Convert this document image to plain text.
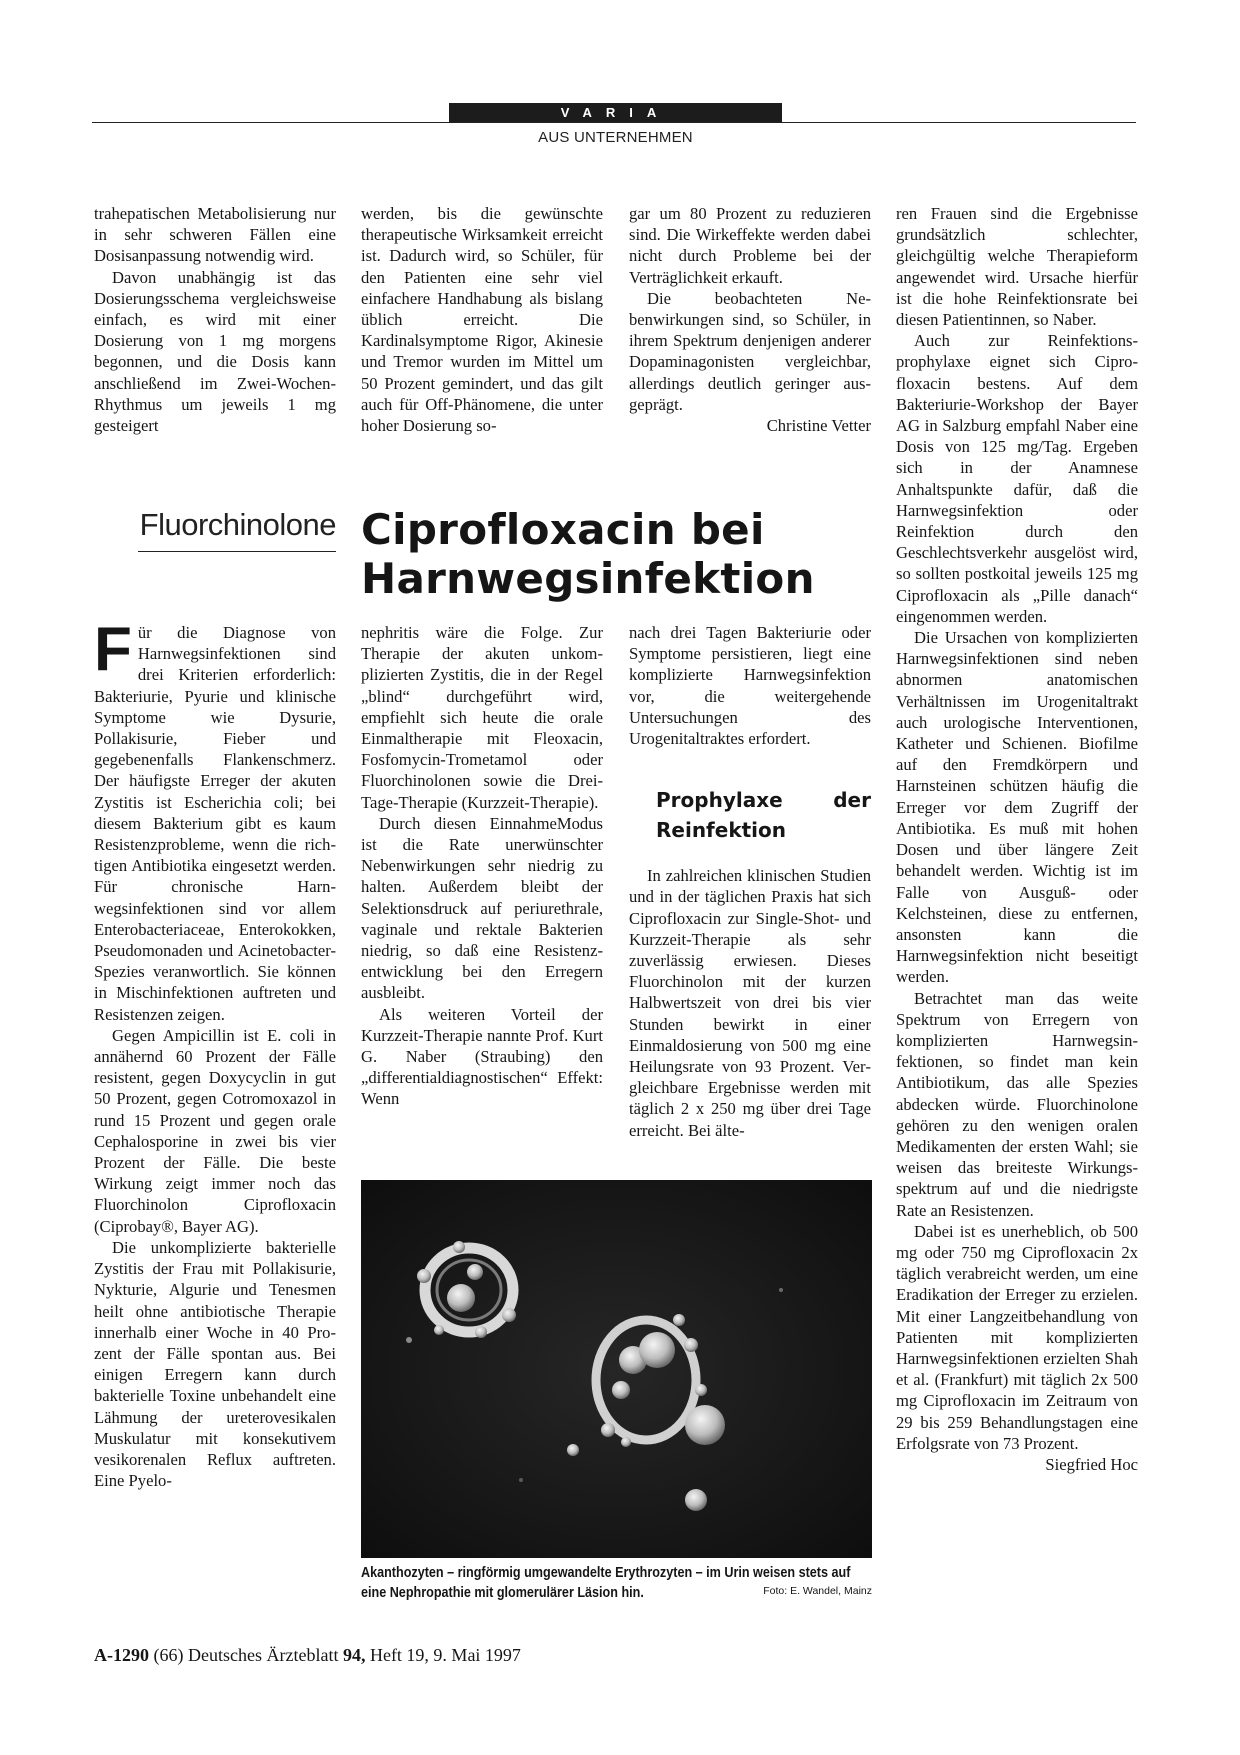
VARIA
AUS UNTERNEHMEN

trahepatischen Metabolisierung nur in sehr schweren Fällen eine Dosisanpassung notwendig wird.

Davon unabhängig ist das Dosierungsschema vergleichsweise einfach, es wird mit einer Dosierung von 1 mg morgens begonnen, und die Dosis kann anschließend im Zwei-Wochen-Rhythmus um jeweils 1 mg gesteigert

werden, bis die gewünschte therapeutische Wirksamkeit erreicht ist. Dadurch wird, so Schüler, für den Patienten eine sehr viel einfachere Handhabung als bislang üblich erreicht. Die Kardinalsymptome Rigor, Akinesie und Tremor wurden im Mittel um 50 Prozent gemindert, und das gilt auch für Off-Phänomene, die unter hoher Dosierung so-

gar um 80 Prozent zu reduzieren sind. Die Wirkeffekte werden dabei nicht durch Probleme bei der Verträglichkeit erkauft.

Die beobachteten Nebenwirkungen sind, so Schüler, in ihrem Spektrum denjenigen anderer Dopaminagonisten vergleichbar, allerdings deutlich geringer ausgeprägt.

Christine Vetter

Fluorchinolone Ciprofloxacin bei
Harnwegsinfektion

Für die Diagnose von Harnwegsinfektionen sind drei Kriterien erforderlich: Bakteriurie, Pyurie und klinische Symptome wie Dysurie, Pollakisurie, Fieber und gegebenenfalls Flankenschmerz. Der häufigste Erreger der akuten Zystitis ist Escherichia coli; bei diesem Bakterium gibt es kaum Resistenzprobleme, wenn die richtigen Antibiotika eingesetzt werden. Für chronische Harnwegsinfektionen sind vor allem Enterobacteriaceae, Enterokokken, Pseudomonaden und Acinetobacter-Spezies veranwortlich. Sie können in Mischinfektionen auftreten und Resistenzen zeigen.

Gegen Ampicillin ist E. coli in annähernd 60 Prozent der Fälle resistent, gegen Doxycyclin in gut 50 Prozent, gegen Cotromoxazol in rund 15 Prozent und gegen orale Cephalosporine in zwei bis vier Prozent der Fälle. Die beste Wirkung zeigt immer noch das Fluorchinolon Ciprofloxacin (Ciprobay®, Bayer AG).

Die unkomplizierte bakterielle Zystitis der Frau mit Pollakisurie, Nykturie, Algurie und Tenesmen heilt ohne antibiotische Therapie innerhalb einer Woche in 40 Prozent der Fälle spontan aus. Bei einigen Erregern kann durch bakterielle Toxine unbehandelt eine Lähmung der ureterovesikalen Muskulatur mit konsekutivem vesikorenalen Reflux auftreten. Eine Pyelo-

nephritis wäre die Folge. Zur Therapie der akuten unkomplizierten Zystitis, die in der Regel „blind“ durchgeführt wird, empfiehlt sich heute die orale Einmaltherapie mit Fleoxacin, Fosfomycin-Trometamol oder Fluorchinolonen sowie die Drei-Tage-Therapie (Kurzzeit-Therapie).

Durch diesen EinnahmeModus ist die Rate unerwünschter Nebenwirkungen sehr niedrig zu halten. Außerdem bleibt der Selektionsdruck auf periurethrale, vaginale und rektale Bakterien niedrig, so daß eine Resistenzentwicklung bei den Erregern ausbleibt.

Als weiteren Vorteil der Kurzzeit-Therapie nannte Prof. Kurt G. Naber (Straubing) den „differentialdiagnostischen“ Effekt: Wenn

nach drei Tagen Bakteriurie oder Symptome persistieren, liegt eine komplizierte Harnwegsinfektion vor, die weitergehende Untersuchungen des Urogenitaltraktes erfordert.

Prophylaxe der Reinfektion

In zahlreichen klinischen Studien und in der täglichen Praxis hat sich Ciprofloxacin zur Single-Shot- und Kurzzeit-Therapie als sehr zuverlässig erwiesen. Dieses Fluorchinolon mit der kurzen Halbwertszeit von drei bis vier Stunden bewirkt in einer Einmaldosierung von 500 mg eine Heilungsrate von 93 Prozent. Vergleichbare Ergebnisse werden mit täglich 2 x 250 mg über drei Tage erreicht. Bei älte-

ren Frauen sind die Ergebnisse grundsätzlich schlechter, gleichgültig welche Therapieform angewendet wird. Ursache hierfür ist die hohe Reinfektionsrate bei diesen Patientinnen, so Naber.

Auch zur Reinfektionsprophylaxe eignet sich Ciprofloxacin bestens. Auf dem Bakteriurie-Workshop der Bayer AG in Salzburg empfahl Naber eine Dosis von 125 mg/Tag. Ergeben sich in der Anamnese Anhaltspunkte dafür, daß die Harnwegsinfektion oder Reinfektion durch den Geschlechtsverkehr ausgelöst wird, so sollten postkoital jeweils 125 mg Ciprofloxacin als „Pille danach“ eingenommen werden.

Die Ursachen von komplizierten Harnwegsinfektionen sind neben abnormen anatomischen Verhältnissen im Urogenitaltrakt auch urologische Interventionen, Katheter und Schienen. Biofilme auf den Fremdkörpern und Harnsteinen schützen häufig die Erreger vor dem Zugriff der Antibiotika. Es muß mit hohen Dosen und über längere Zeit behandelt werden. Wichtig ist im Falle von Ausguß- oder Kelchsteinen, diese zu entfernen, ansonsten kann die Harnwegsinfektion nicht beseitigt werden.

Betrachtet man das weite Spektrum von Erregern von komplizierten Harnwegsinfektionen, so findet man kein Antibiotikum, das alle Spezies abdecken würde. Fluorchinolone gehören zu den wenigen oralen Medikamenten der ersten Wahl; sie weisen das breiteste Wirkungsspektrum auf und die niedrigste Rate an Resistenzen.

Dabei ist es unerheblich, ob 500 mg oder 750 mg Ciprofloxacin 2x täglich verabreicht werden, um eine Eradikation der Erreger zu erzielen. Mit einer Langzeitbehandlung von Patienten mit komplizierten Harnwegsinfektionen erzielten Shah et al. (Frankfurt) mit täglich 2x 500 mg Ciprofloxacin im Zeitraum von 29 bis 259 Behandlungstagen eine Erfolgsrate von 73 Prozent.

Siegfried Hoc

Akanthozyten – ringförmig umgewandelte Erythrozyten – im Urin weisen stets auf eine Nephropathie mit glomerulärer Läsion hin.	Foto: E. Wandel, Mainz
A-1290 (66) Deutsches Ärzteblatt 94, Heft 19, 9. Mai 1997
